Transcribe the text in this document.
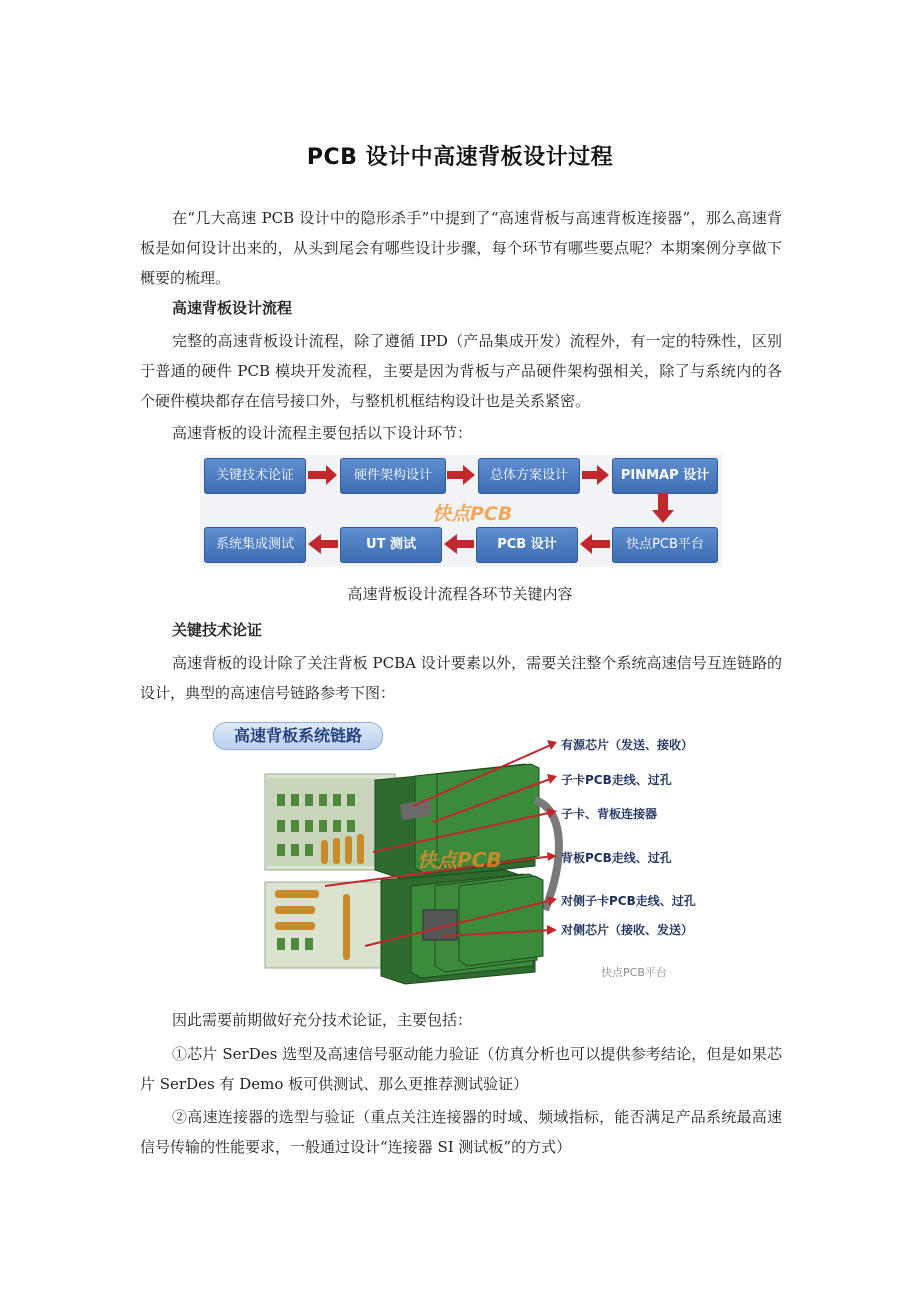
PCB 设计中高速背板设计过程

在“几大高速 PCB 设计中的隐形杀手”中提到了“高速背板与高速背板连接器”，那么高速背板是如何设计出来的，从头到尾会有哪些设计步骤，每个环节有哪些要点呢？本期案例分享做下概要的梳理。

高速背板设计流程

完整的高速背板设计流程，除了遵循 IPD（产品集成开发）流程外，有一定的特殊性，区别于普通的硬件 PCB 模块开发流程，主要是因为背板与产品硬件架构强相关，除了与系统内的各个硬件模块都存在信号接口外，与整机机框结构设计也是关系紧密。

高速背板的设计流程主要包括以下设计环节：

关键技术论证	硬件架构设计	总体方案设计	PINMAP 设计
快点PCB平台
PCB 设计
UT 测试
系统集成测试
快点PCB
高速背板设计流程各环节关键内容
关键技术论证

高速背板的设计除了关注背板 PCBA 设计要素以外，需要关注整个系统高速信号互连链路的设计，典型的高速信号链路参考下图：

高速背板系统链路	有源芯片（发送、接收）
子卡PCB走线、过孔
子卡、背板连接器
背板PCB走线、过孔
对侧子卡PCB走线、过孔
对侧芯片（接收、发送）
快点PCB
快点PCB平台

因此需要前期做好充分技术论证，主要包括：

①芯片 SerDes 选型及高速信号驱动能力验证（仿真分析也可以提供参考结论，但是如果芯片 SerDes 有 Demo 板可供测试、那么更推荐测试验证）

②高速连接器的选型与验证（重点关注连接器的时域、频域指标，能否满足产品系统最高速信号传输的性能要求，一般通过设计“连接器 SI 测试板”的方式）
